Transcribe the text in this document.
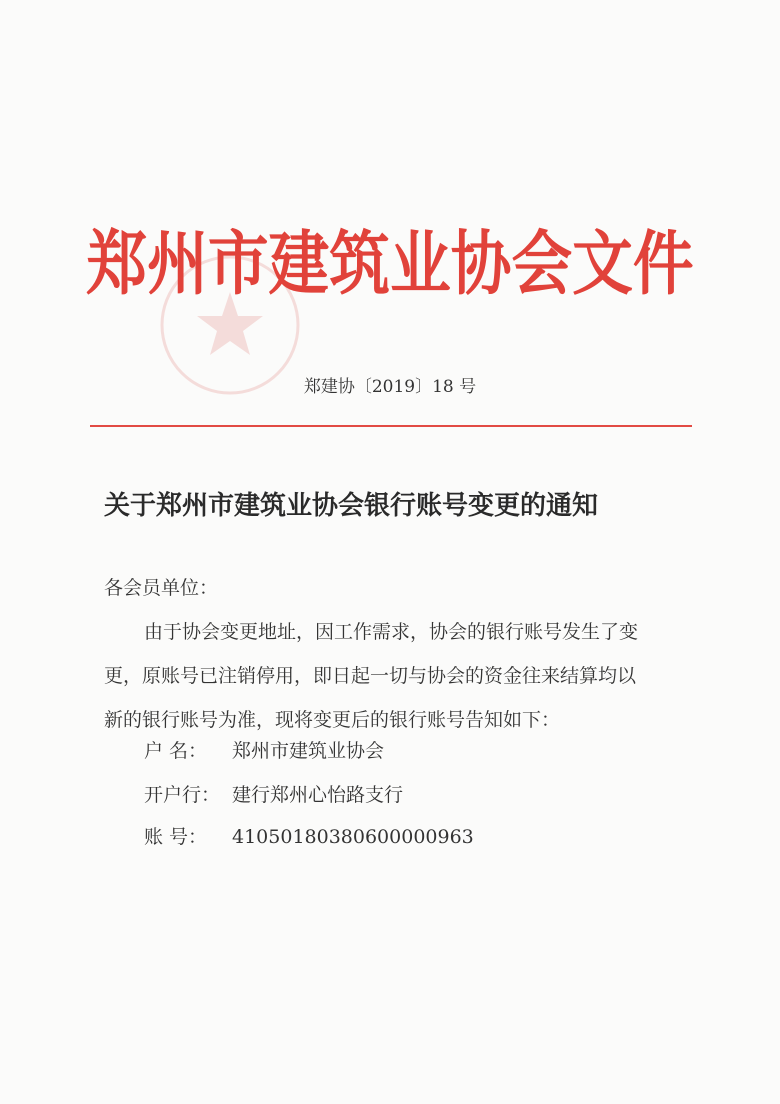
郑州市建筑业协会文件
郑建协〔2019〕18 号
关于郑州市建筑业协会银行账号变更的通知
各会员单位：
由于协会变更地址，因工作需求，协会的银行账号发生了变
更，原账号已注销停用，即日起一切与协会的资金往来结算均以
新的银行账号为准，现将变更后的银行账号告知如下：
户 名： 郑州市建筑业协会
开户行： 建行郑州心怡路支行
账 号： 41050180380600000963
